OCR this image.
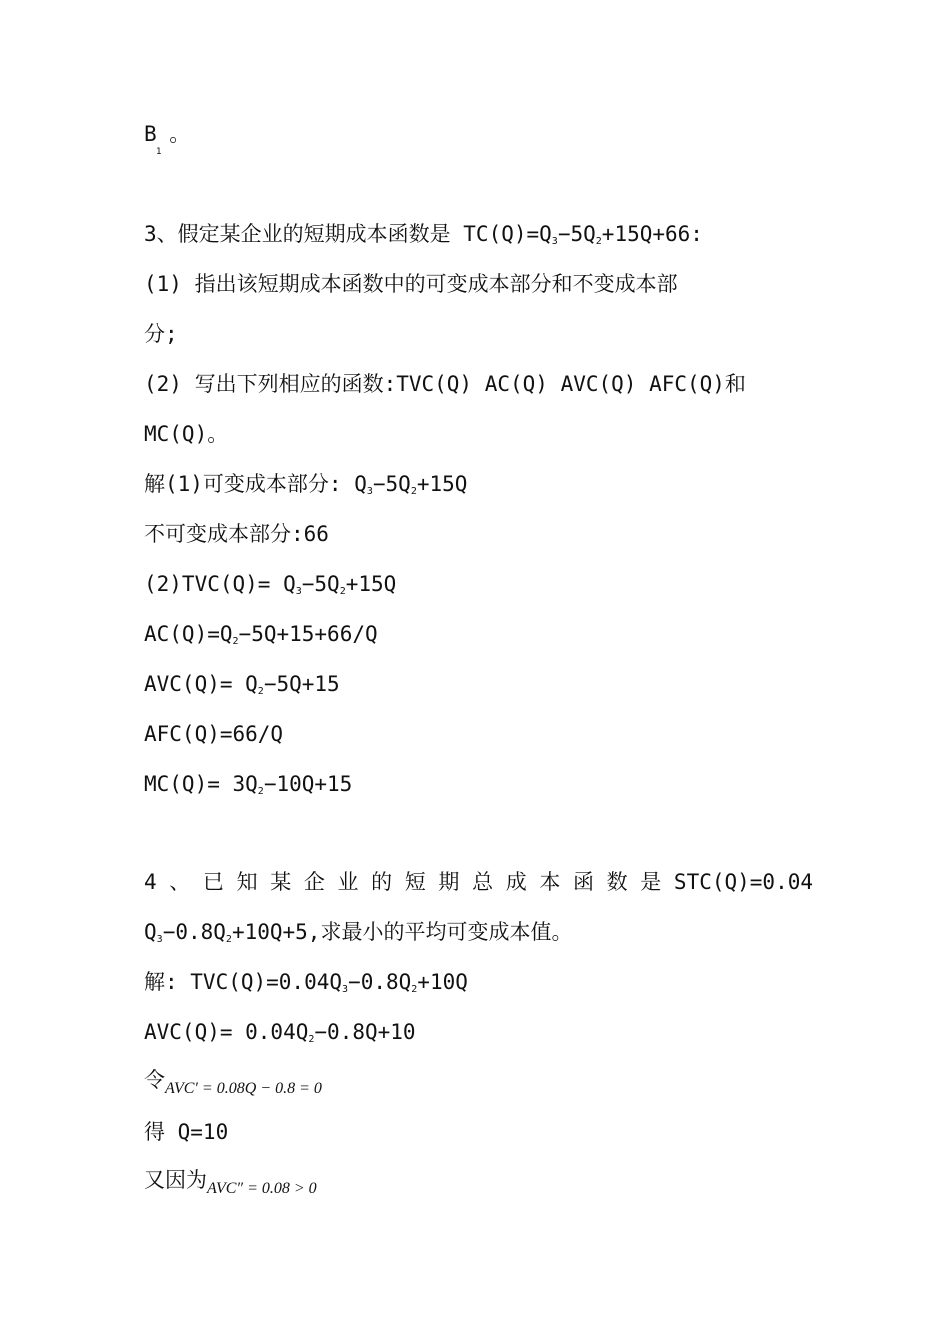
B 。
1
3、假定某企业的短期成本函数是 TC(Q)=Q3−5Q2+15Q+66:
(1) 指出该短期成本函数中的可变成本部分和不变成本部
分;
(2) 写出下列相应的函数:TVC(Q) AC(Q) AVC(Q) AFC(Q)和
MC(Q)。
解(1)可变成本部分: Q3−5Q2+15Q
不可变成本部分:66
(2)TVC(Q)= Q3−5Q2+15Q
AC(Q)=Q2−5Q+15+66/Q
AVC(Q)= Q2−5Q+15
AFC(Q)=66/Q
MC(Q)= 3Q2−10Q+15
4 、 已 知 某 企 业 的 短 期 总 成 本 函 数 是 STC(Q)=0.04
Q3−0.8Q2+10Q+5,求最小的平均可变成本值。
解: TVC(Q)=0.04Q3−0.8Q2+10Q
AVC(Q)= 0.04Q2−0.8Q+10
令$_{AVC' = 0.08Q - 0.8 = 0}$
得 Q=10
又因为$_{AVC'' = 0.08 > 0}$
